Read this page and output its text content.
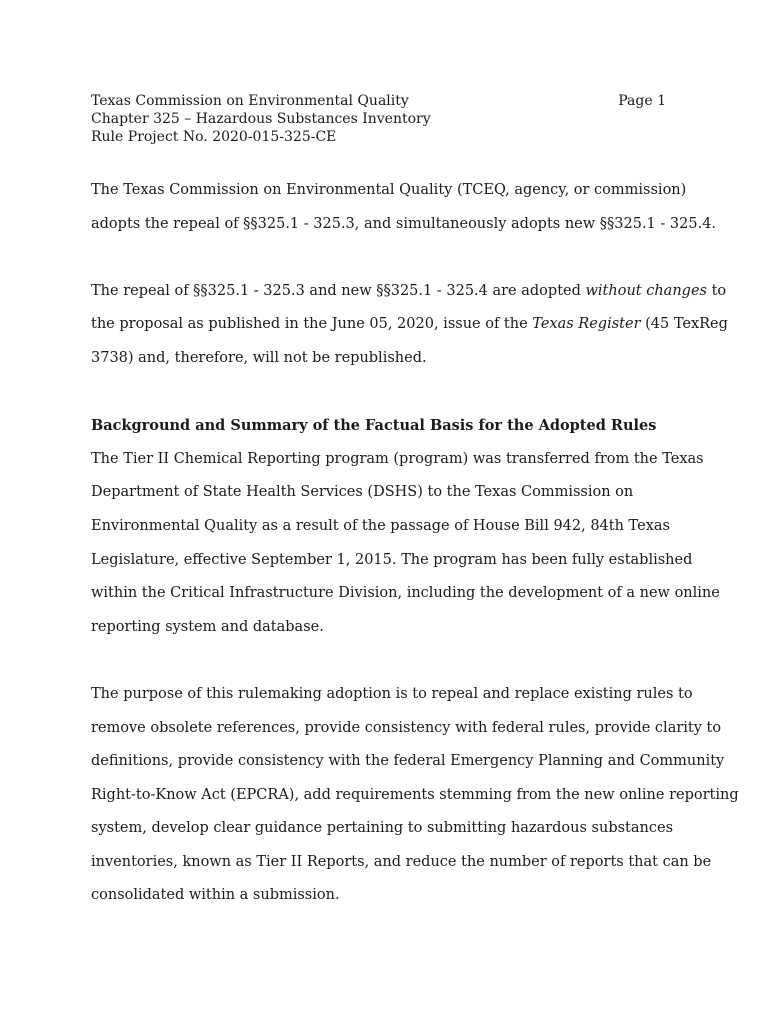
Texas Commission on Environmental Quality	Page 1
Chapter 325 – Hazardous Substances Inventory
Rule Project No. 2020-015-325-CE

The Texas Commission on Environmental Quality (TCEQ, agency, or commission)
adopts the repeal of §§325.1 - 325.3, and simultaneously adopts new §§325.1 - 325.4.

The repeal of §§325.1 - 325.3 and new §§325.1 - 325.4 are adopted without changes to
the proposal as published in the June 05, 2020, issue of the Texas Register (45 TexReg
3738) and, therefore, will not be republished.

Background and Summary of the Factual Basis for the Adopted Rules
The Tier II Chemical Reporting program (program) was transferred from the Texas
Department of State Health Services (DSHS) to the Texas Commission on
Environmental Quality as a result of the passage of House Bill 942, 84th Texas
Legislature, effective September 1, 2015. The program has been fully established
within the Critical Infrastructure Division, including the development of a new online
reporting system and database.

The purpose of this rulemaking adoption is to repeal and replace existing rules to
remove obsolete references, provide consistency with federal rules, provide clarity to
definitions, provide consistency with the federal Emergency Planning and Community
Right-to-Know Act (EPCRA), add requirements stemming from the new online reporting
system, develop clear guidance pertaining to submitting hazardous substances
inventories, known as Tier II Reports, and reduce the number of reports that can be
consolidated within a submission.
